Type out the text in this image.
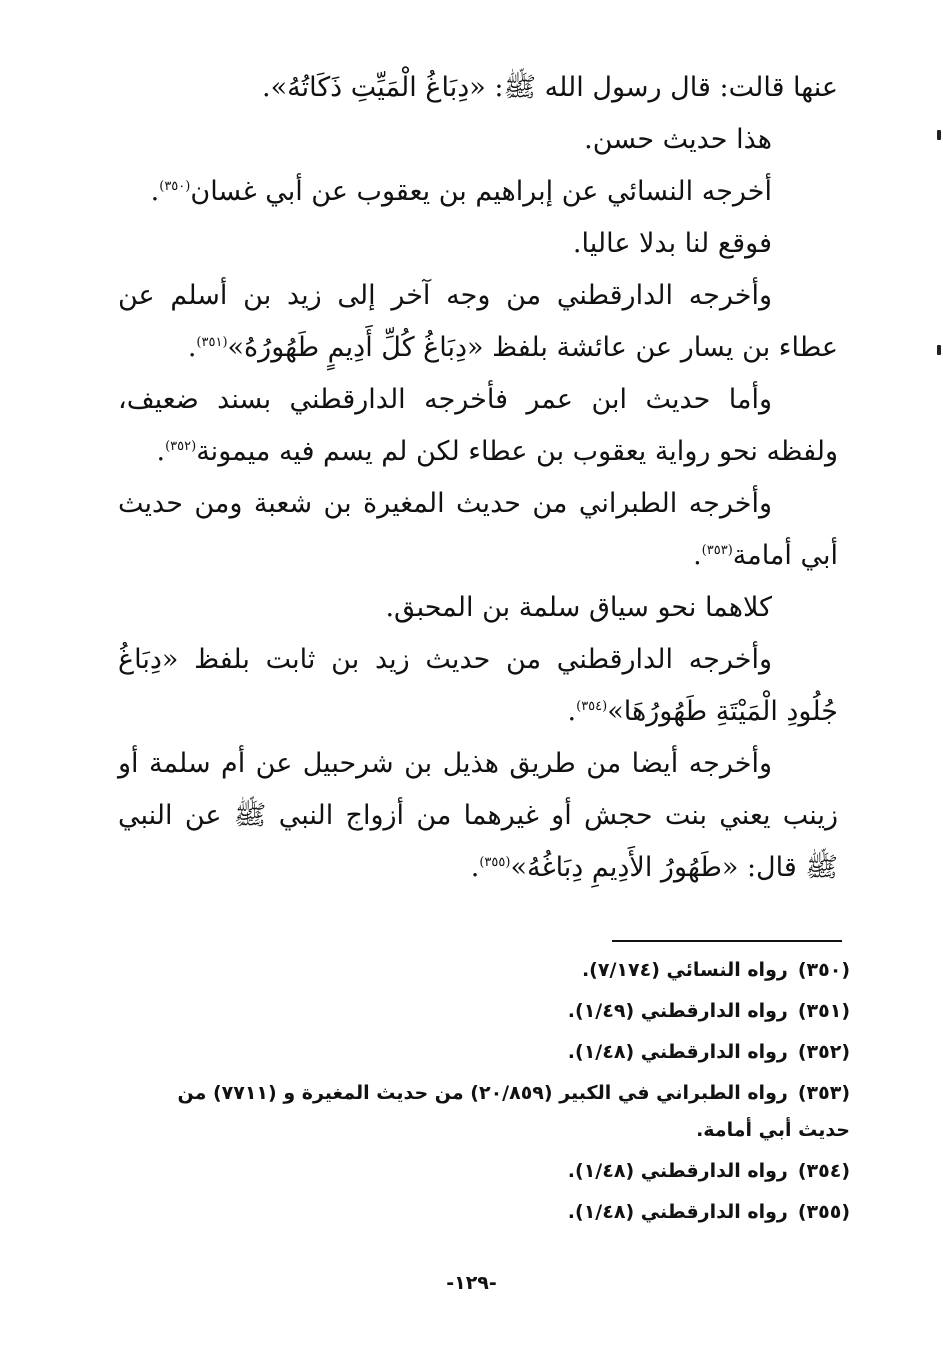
عنها قالت: قال رسول الله ﷺ: «دِبَاغُ الْمَيِّتِ ذَكَاتُهُ».

هذا حديث حسن.

أخرجه النسائي عن إبراهيم بن يعقوب عن أبي غسان$^{(٣٥٠)}$.

فوقع لنا بدلا عاليا.

وأخرجه الدارقطني من وجه آخر إلى زيد بن أسلم عن عطاء بن يسار عن عائشة بلفظ «دِبَاغُ كُلِّ أَدِيمٍ طَهُورُهُ»$^{(٣٥١)}$.

وأما حديث ابن عمر فأخرجه الدارقطني بسند ضعيف، ولفظه نحو رواية يعقوب بن عطاء لكن لم يسم فيه ميمونة$^{(٣٥٢)}$.

وأخرجه الطبراني من حديث المغيرة بن شعبة ومن حديث أبي أمامة$^{(٣٥٣)}$.

كلاهما نحو سياق سلمة بن المحبق.

وأخرجه الدارقطني من حديث زيد بن ثابت بلفظ «دِبَاغُ جُلُودِ الْمَيْتَةِ طَهُورُهَا»$^{(٣٥٤)}$.

وأخرجه أيضا من طريق هذيل بن شرحبيل عن أم سلمة أو زينب يعني بنت حجش أو غيرهما من أزواج النبي ﷺ عن النبي ﷺ قال: «طَهُورُ الأَدِيمِ دِبَاغُهُ»$^{(٣٥٥)}$.

(٣٥٠)رواه النسائي (٧/١٧٤).

(٣٥١)رواه الدارقطني (١/٤٩).

(٣٥٢)رواه الدارقطني (١/٤٨).

(٣٥٣)رواه الطبراني في الكبير (٢٠/٨٥٩) من حديث المغيرة و (٧٧١١) من حديث أبي أمامة.

(٣٥٤)رواه الدارقطني (١/٤٨).

(٣٥٥)رواه الدارقطني (١/٤٨).

-١٢٩-
